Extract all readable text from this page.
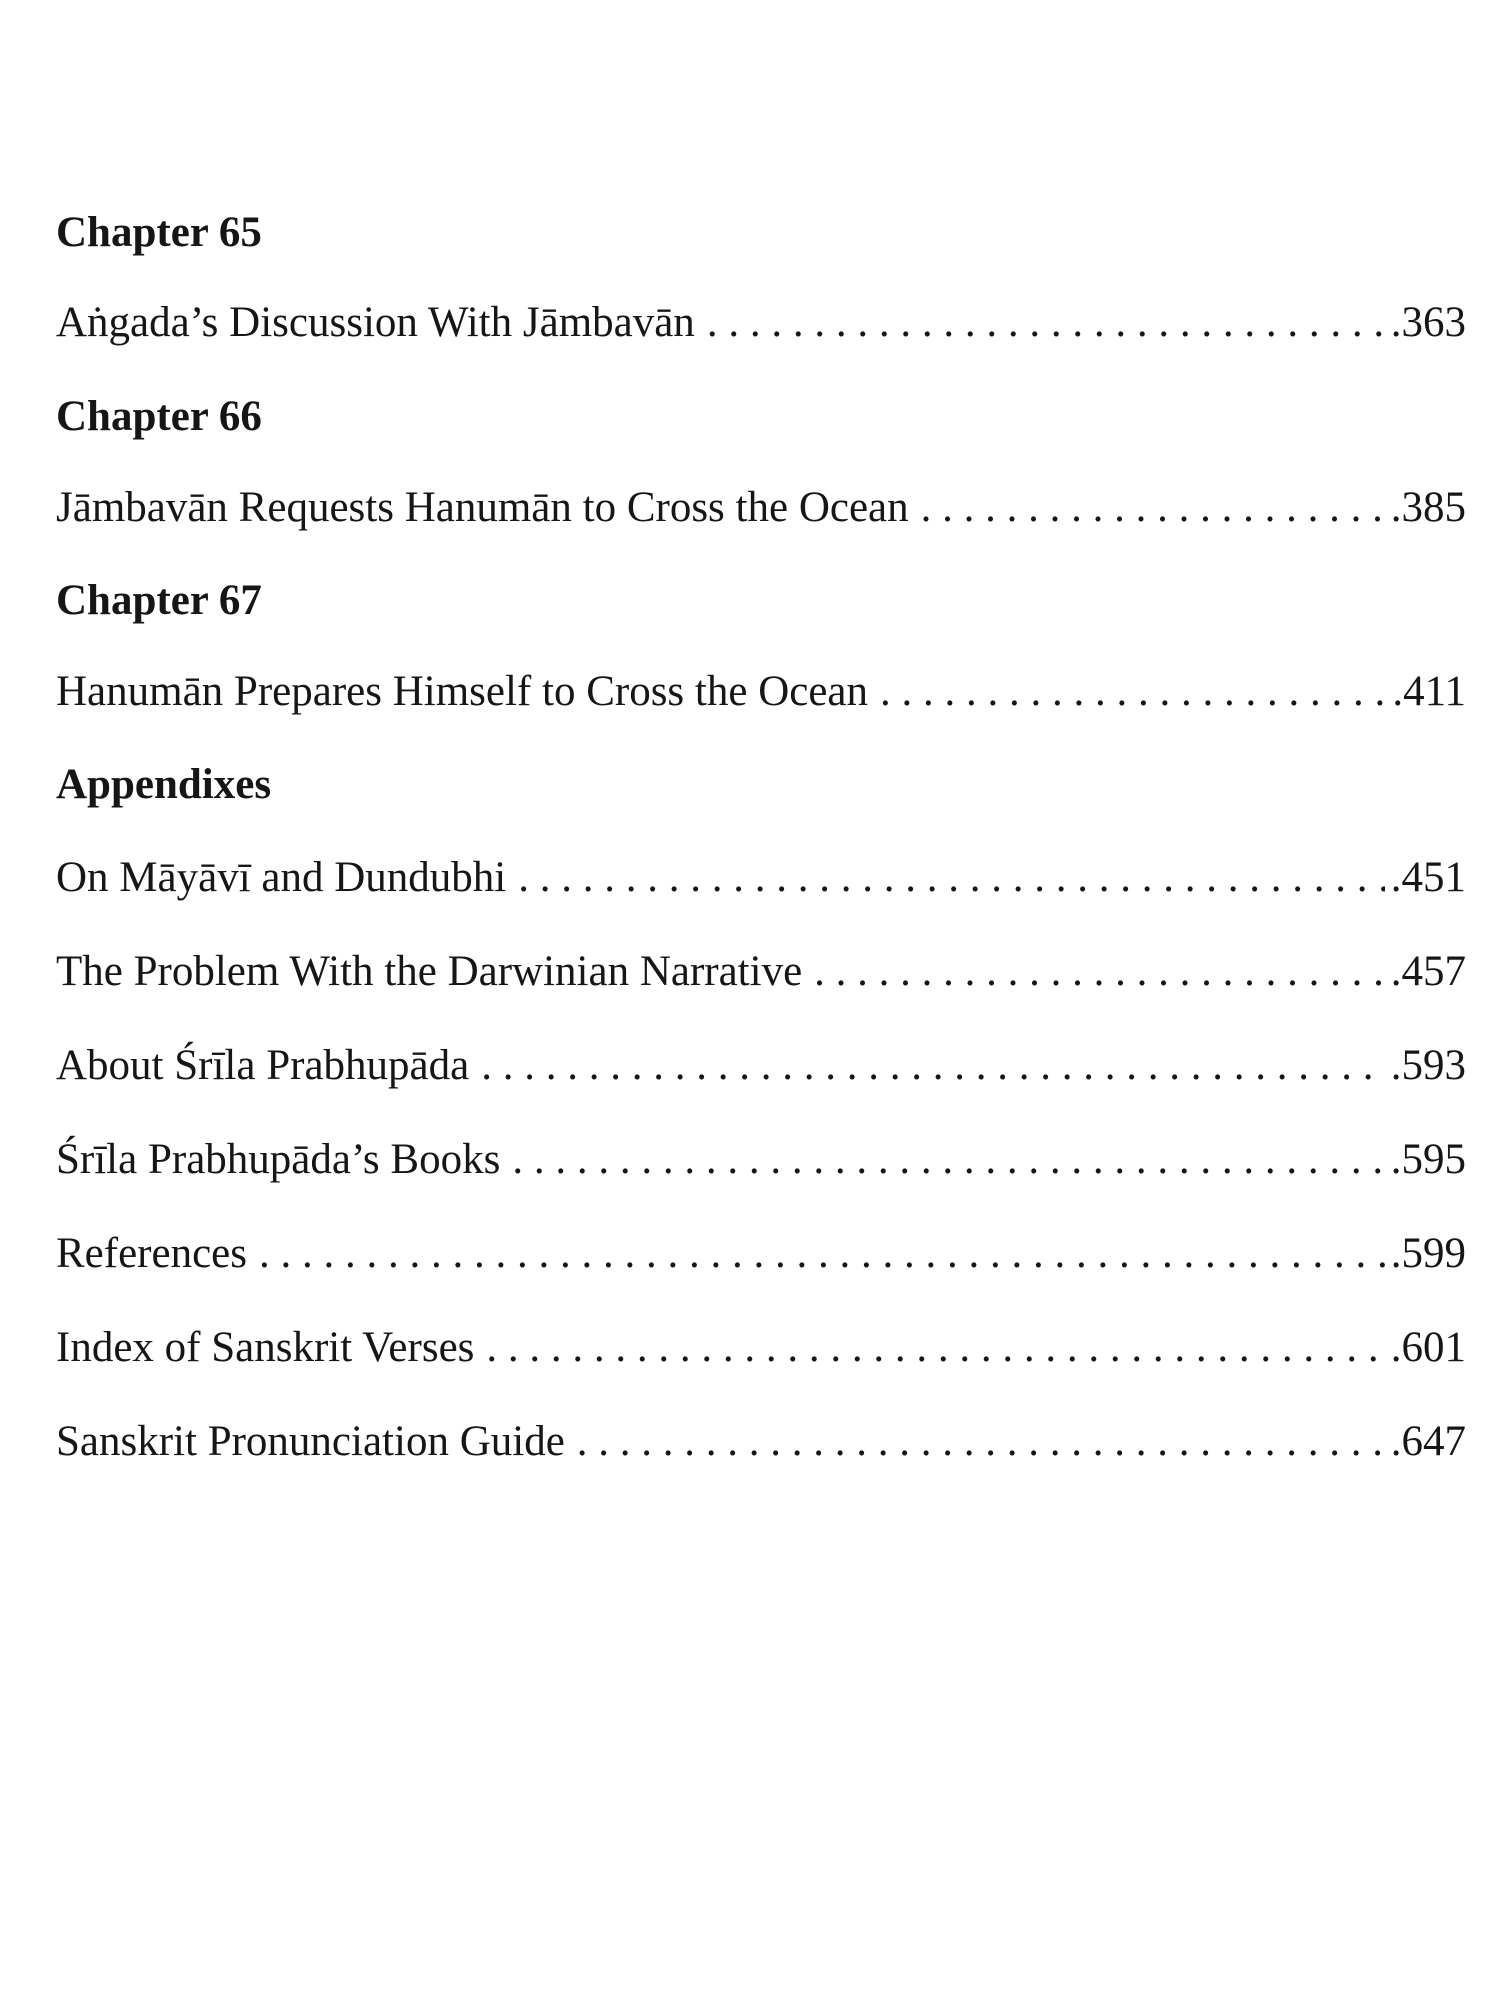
Chapter 65
Aṅgada’s Discussion With Jāmbavān . . .	.363
Chapter 66
Jāmbavān Requests Hanumān to Cross the Ocean . . .	.385
Chapter 67
Hanumān Prepares Himself to Cross the Ocean . . .	.411
Appendixes
On Māyāvī and Dundubhi . . .	.451
The Problem With the Darwinian Narrative . . .	.457
About Śrīla Prabhupāda . . .	.593
Śrīla Prabhupāda’s Books . . .	.595
References . . .	.599
Index of Sanskrit Verses . . .	.601
Sanskrit Pronunciation Guide . . .	.647
